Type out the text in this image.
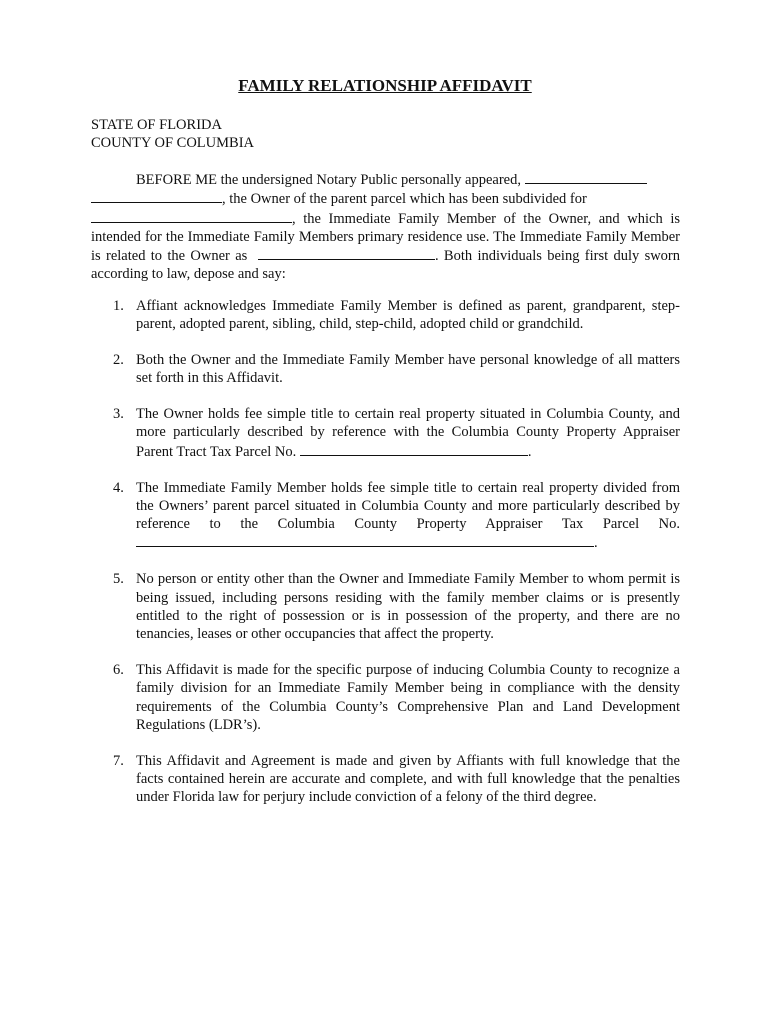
FAMILY RELATIONSHIP AFFIDAVIT
STATE OF FLORIDA
COUNTY OF COLUMBIA
BEFORE ME the undersigned Notary Public personally appeared,
, the Owner of the parent parcel which has been subdivided for
, the Immediate Family Member of the Owner, and which is intended for the Immediate Family Members primary residence use. The Immediate Family Member is related to the Owner as	. Both individuals being first duly sworn according to law, depose and say:
1. Affiant acknowledges Immediate Family Member is defined as parent, grandparent, step-parent, adopted parent, sibling, child, step-child, adopted child or grandchild.
2. Both the Owner and the Immediate Family Member have personal knowledge of all matters set forth in this Affidavit.
3. The Owner holds fee simple title to certain real property situated in Columbia County, and more particularly described by reference with the Columbia County Property Appraiser Parent Tract Tax Parcel No.	.
4. The Immediate Family Member holds fee simple title to certain real property divided from the Owners’ parent parcel situated in Columbia County and more particularly described by reference to the Columbia County Property Appraiser Tax Parcel No. .
5. No person or entity other than the Owner and Immediate Family Member to whom permit is being issued, including persons residing with the family member claims or is presently entitled to the right of possession or is in possession of the property, and there are no tenancies, leases or other occupancies that affect the property.
6. This Affidavit is made for the specific purpose of inducing Columbia County to recognize a family division for an Immediate Family Member being in compliance with the density requirements of the Columbia County’s Comprehensive Plan and Land Development Regulations (LDR’s).
7. This Affidavit and Agreement is made and given by Affiants with full knowledge that the facts contained herein are accurate and complete, and with full knowledge that the penalties under Florida law for perjury include conviction of a felony of the third degree.
